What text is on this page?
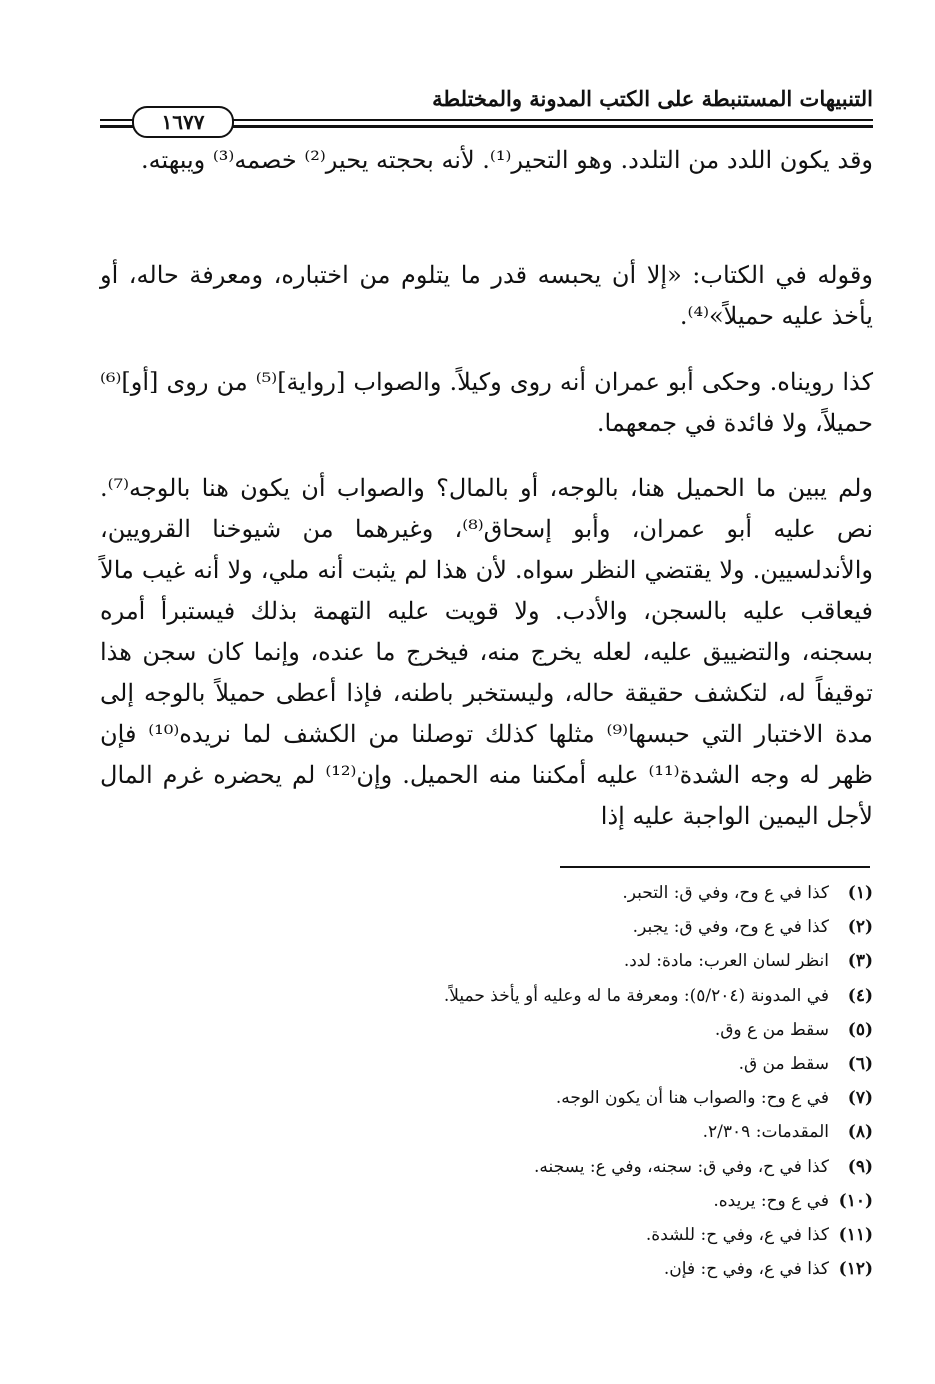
التنبيهات المستنبطة على الكتب المدونة والمختلطة
١٦٧٧

وقد يكون اللدد من التلدد. وهو التحير⁽¹⁾. لأنه بحجته يحير⁽²⁾ خصمه⁽³⁾ ويبهته.

وقوله في الكتاب: «إلا أن يحبسه قدر ما يتلوم من اختباره، ومعرفة حاله، أو يأخذ عليه حميلاً»⁽⁴⁾.

كذا رويناه. وحكى أبو عمران أنه روى وكيلاً. والصواب [رواية]⁽⁵⁾ من روى [أو]⁽⁶⁾ حميلاً، ولا فائدة في جمعهما.

ولم يبين ما الحميل هنا، بالوجه، أو بالمال؟ والصواب أن يكون هنا بالوجه⁽⁷⁾. نص عليه أبو عمران، وأبو إسحاق⁽⁸⁾، وغيرهما من شيوخنا القرويين، والأندلسيين. ولا يقتضي النظر سواه. لأن هذا لم يثبت أنه ملي، ولا أنه غيب مالاً فيعاقب عليه بالسجن، والأدب. ولا قويت عليه التهمة بذلك فيستبرأ أمره بسجنه، والتضييق عليه، لعله يخرج منه، فيخرج ما عنده، وإنما كان سجن هذا توقيفاً له، لتكشف حقيقة حاله، وليستخبر باطنه، فإذا أعطى حميلاً بالوجه إلى مدة الاختبار التي حبسها⁽⁹⁾ مثلها كذلك توصلنا من الكشف لما نريده⁽¹⁰⁾ فإن ظهر له وجه الشدة⁽¹¹⁾ عليه أمكننا منه الحميل. وإن⁽¹²⁾ لم يحضره غرم المال لأجل اليمين الواجبة عليه إذا

(١)كذا في ع وح، وفي ق: التحبر.
(٢)كذا في ع وح، وفي ق: يجبر.
(٣)انظر لسان العرب: مادة: لدد.
(٤)في المدونة (٥/٢٠٤): ومعرفة ما له وعليه أو يأخذ حميلاً.
(٥)سقط من ع وق.
(٦)سقط من ق.
(٧)في ع وح: والصواب هنا أن يكون الوجه.
(٨)المقدمات: ٢/٣٠٩.
(٩)كذا في ح، وفي ق: سجنه، وفي ع: يسجنه.
(١٠)في ع وح: يريده.
(١١)كذا في ع، وفي ح: للشدة.
(١٢)كذا في ع، وفي ح: فإن.
